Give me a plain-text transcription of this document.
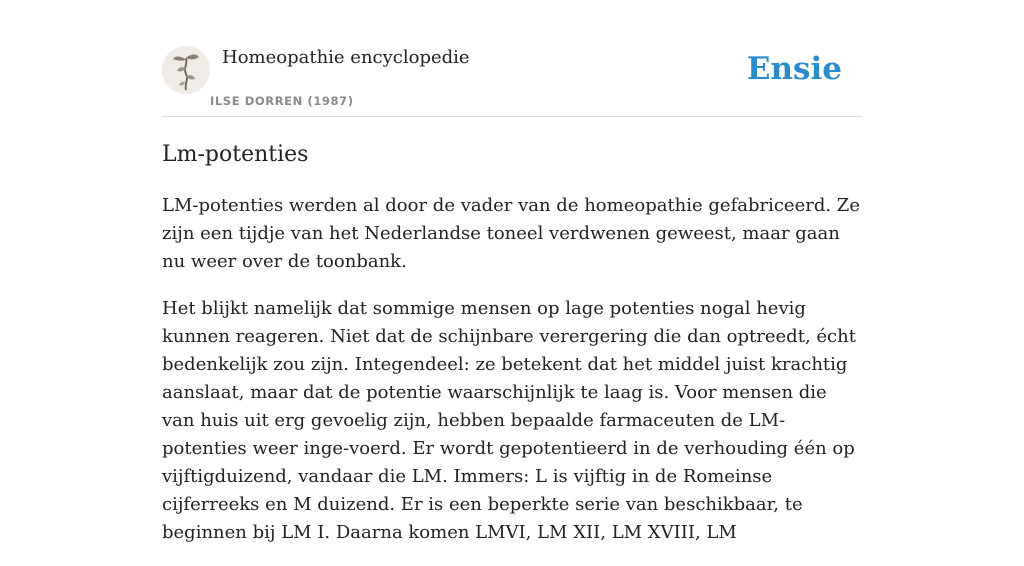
Homeopathie encyclopedie
ILSE DORREN (1987)
Ensie
Lm-potenties

LM-potenties werden al door de vader van de homeopathie gefabriceerd. Ze zijn een tijdje van het Nederlandse toneel verdwenen geweest, maar gaan nu weer over de toonbank.

Het blijkt namelijk dat sommige mensen op lage potenties nogal hevig kunnen reageren. Niet dat de schijnbare verergering die dan optreedt, écht bedenkelijk zou zijn. Integendeel: ze betekent dat het middel juist krachtig aanslaat, maar dat de potentie waarschijnlijk te laag is. Voor mensen die van huis uit erg gevoelig zijn, hebben bepaalde farmaceuten de LM-potenties weer inge-voerd. Er wordt gepotentieerd in de verhouding één op vijftigduizend, vandaar die LM. Immers: L is vijftig in de Romeinse cijferreeks en M duizend. Er is een beperkte serie van beschikbaar, te beginnen bij LM I. Daarna komen LMVI, LM XII, LM XVIII, LM
